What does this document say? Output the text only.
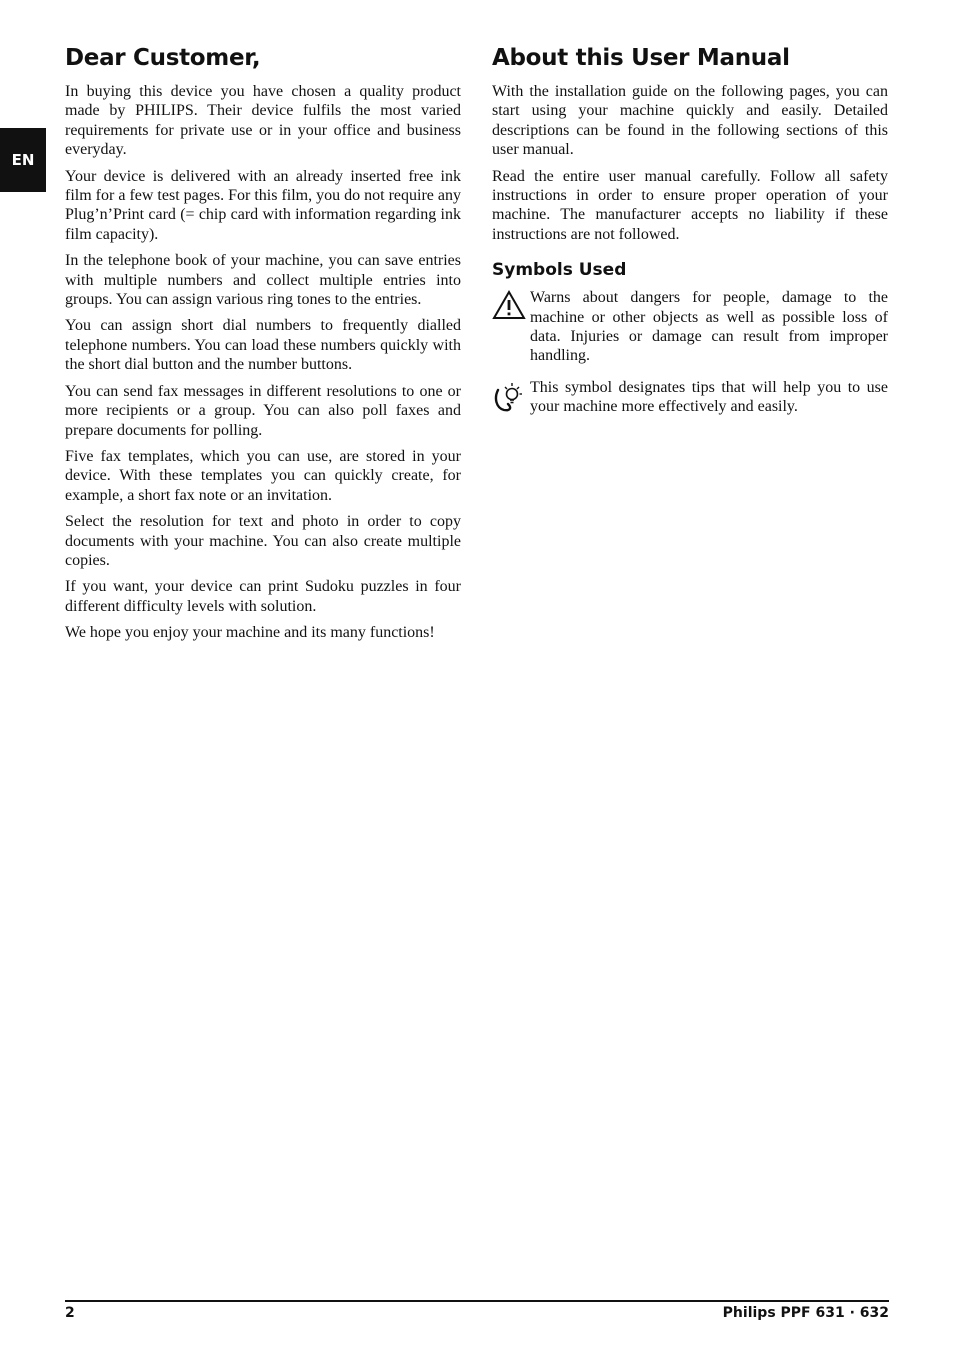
EN
Dear Customer,

In buying this device you have chosen a quality product made by PHILIPS. Their device fulfils the most varied requirements for private use or in your office and business everyday.

Your device is delivered with an already inserted free ink film for a few test pages. For this film, you do not require any Plug’n’Print card (= chip card with information regarding ink film capacity).

In the telephone book of your machine, you can save entries with multiple numbers and collect multiple entries into groups. You can assign various ring tones to the entries.

You can assign short dial numbers to frequently dialled telephone numbers. You can load these numbers quickly with the short dial button and the number buttons.

You can send fax messages in different resolutions to one or more recipients or a group. You can also poll faxes and prepare documents for polling.

Five fax templates, which you can use, are stored in your device. With these templates you can quickly create, for example, a short fax note or an invitation.

Select the resolution for text and photo in order to copy documents with your machine. You can also create multiple copies.

If you want, your device can print Sudoku puzzles in four different difficulty levels with solution.

We hope you enjoy your machine and its many functions!

About this User Manual

With the installation guide on the following pages, you can start using your machine quickly and easily. Detailed descriptions can be found in the following sections of this user manual.

Read the entire user manual carefully. Follow all safety instructions in order to ensure proper operation of your machine. The manufacturer accepts no liability if these instructions are not followed.

Symbols Used

Warns about dangers for people, damage to the machine or other objects as well as possible loss of data. Injuries or damage can result from improper handling.

This symbol designates tips that will help you to use your machine more effectively and easily.

2	Philips PPF 631 · 632
